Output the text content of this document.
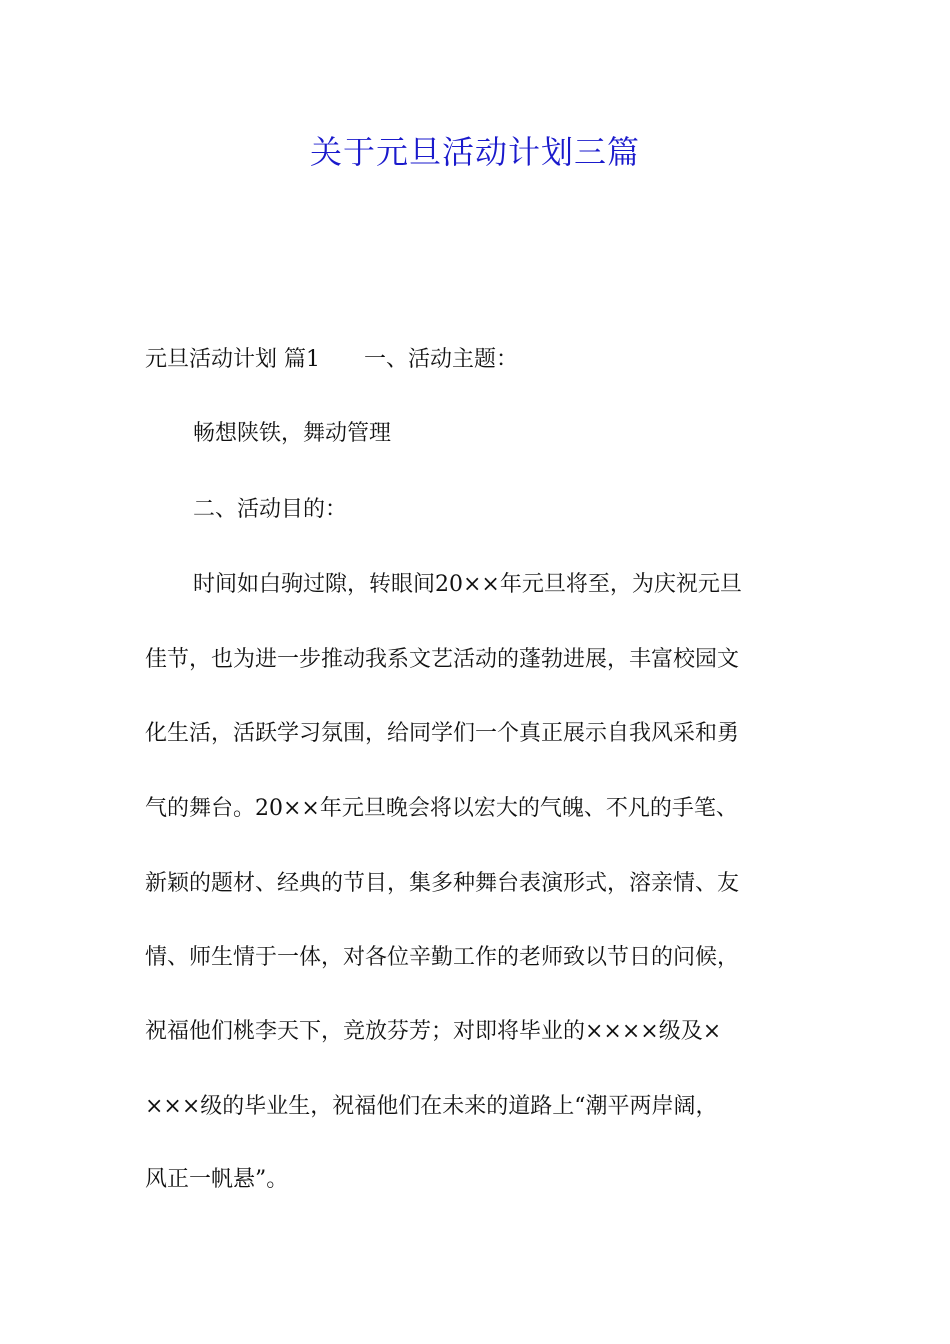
关于元旦活动计划三篇

元旦活动计划 篇1 一、活动主题：

畅想陕铁，舞动管理

二、活动目的：

时间如白驹过隙，转眼间20××年元旦将至，为庆祝元旦

佳节，也为进一步推动我系文艺活动的蓬勃进展，丰富校园文

化生活，活跃学习氛围，给同学们一个真正展示自我风采和勇

气的舞台。20××年元旦晚会将以宏大的气魄、不凡的手笔、

新颖的题材、经典的节目，集多种舞台表演形式，溶亲情、友

情、师生情于一体，对各位辛勤工作的老师致以节日的问候，

祝福他们桃李天下，竞放芬芳；对即将毕业的××××级及×

×××级的毕业生，祝福他们在未来的道路上“潮平两岸阔，

风正一帆悬”。
